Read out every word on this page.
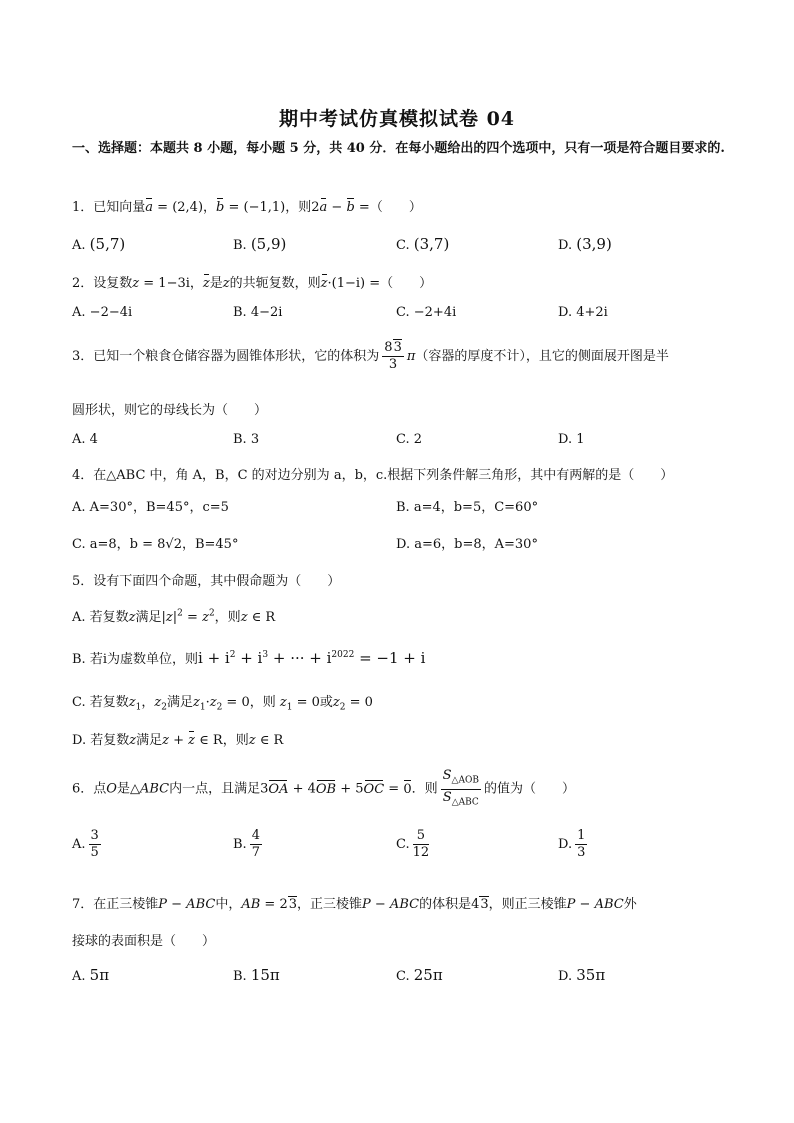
期中考试仿真模拟试卷 04
一、选择题：本题共 8 小题，每小题 5 分，共 40 分．在每小题给出的四个选项中，只有一项是符合题目要求的.
1．已知向量a = (2,4)，b = (−1,1)，则2a − b =（　　）
A. (5,7)	B. (5,9)	C. (3,7)	D. (3,9)
2．设复数z = 1−3i，z是z的共轭复数，则z·(1−i) =（　　）
A. −2−4i	B. 4−2i	C. −2+4i	D. 4+2i
3．已知一个粮食仓储容器为圆锥体形状，它的体积为 $\frac{83}{3} \pi$（容器的厚度不计），且它的侧面展开图是半
圆形状，则它的母线长为（　　）
A. 4	B. 3	C. 2	D. 1
4．在△ABC 中，角 A，B，C 的对边分别为 a，b，c.根据下列条件解三角形，其中有两解的是（　　）
A. A=30°，B=45°，c=5	B. a=4，b=5，C=60°
C. a=8，b = 8√2，B=45°	D. a=6，b=8，A=30°
5．设有下面四个命题，其中假命题为（　　）
A. 若复数z满足$|z|^2 = z^2$，则z ∈ R
B. 若i为虚数单位，则$i + i^2 + i^3$ + ··· + $i^{2022} = -1 + i$
C. 若复数$z_1$，$z_2$满足$z_1\cdot z_2 = 0$，则 $z_1 = 0$或$z_2 = 0$
D. 若复数z满足z + z ∈ R，则z ∈ R
6．点O是△ABC内一点，且满足3OA + 4OB + 5OC = 0．则 $\frac{S_{\triangle AOB}}{S_{\triangle ABC}}$ 的值为（　　）
A. $\frac{3}{5}$	B. $\frac{4}{7}$	C. $\frac{5}{12}$	D. $\frac{1}{3}$
7．在正三棱锥P − ABC中，AB = 23，正三棱锥P − ABC的体积是43，则正三棱锥P − ABC外
接球的表面积是（　　）
A. 5π	B. 15π	C. 25π	D. 35π
